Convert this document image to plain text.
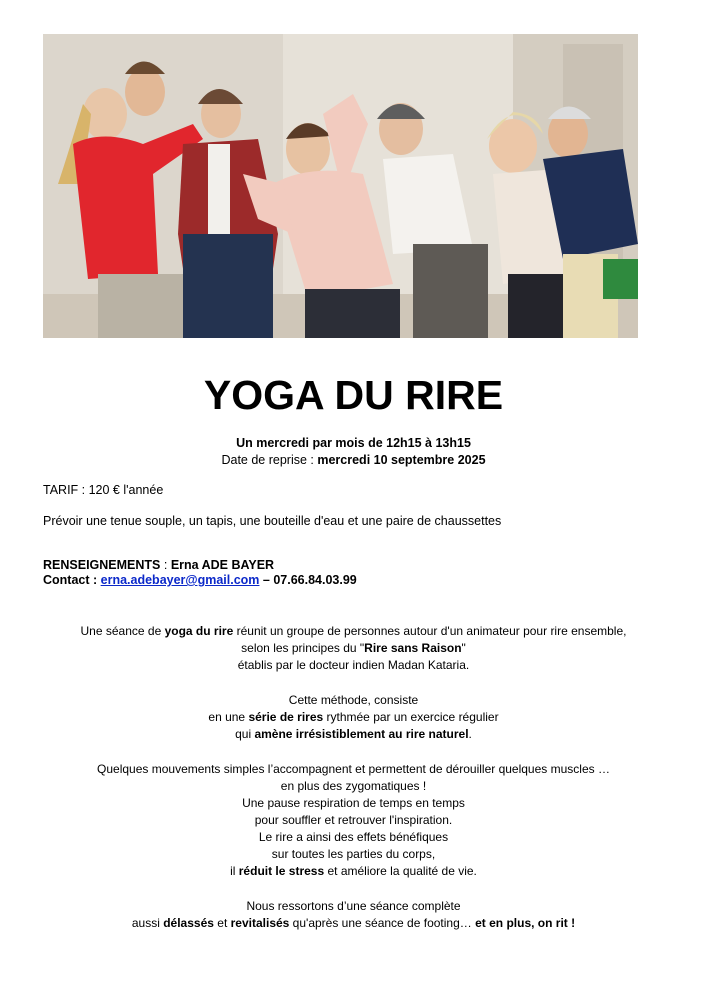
YOGA DU RIRE
Un mercredi par mois de 12h15 à 13h15
Date de reprise : mercredi 10 septembre 2025
TARIF : 120 € l'année
Prévoir une tenue souple, un tapis, une bouteille d'eau et une paire de chaussettes
RENSEIGNEMENTS : Erna ADE BAYER
Contact : erna.adebayer@gmail.com – 07.66.84.03.99
Une séance de yoga du rire réunit un groupe de personnes autour d'un animateur pour rire ensemble,
selon les principes du "Rire sans Raison"
établis par le docteur indien Madan Kataria.
Cette méthode, consiste
en une série de rires rythmée par un exercice régulier
qui amène irrésistiblement au rire naturel.
Quelques mouvements simples l’accompagnent et permettent de dérouiller quelques muscles …
en plus des zygomatiques !
Une pause respiration de temps en temps
pour souffler et retrouver l'inspiration.
Le rire a ainsi des effets bénéfiques
sur toutes les parties du corps,
il réduit le stress et améliore la qualité de vie.
Nous ressortons d’une séance complète
aussi délassés et revitalisés qu'après une séance de footing… et en plus, on rit !
